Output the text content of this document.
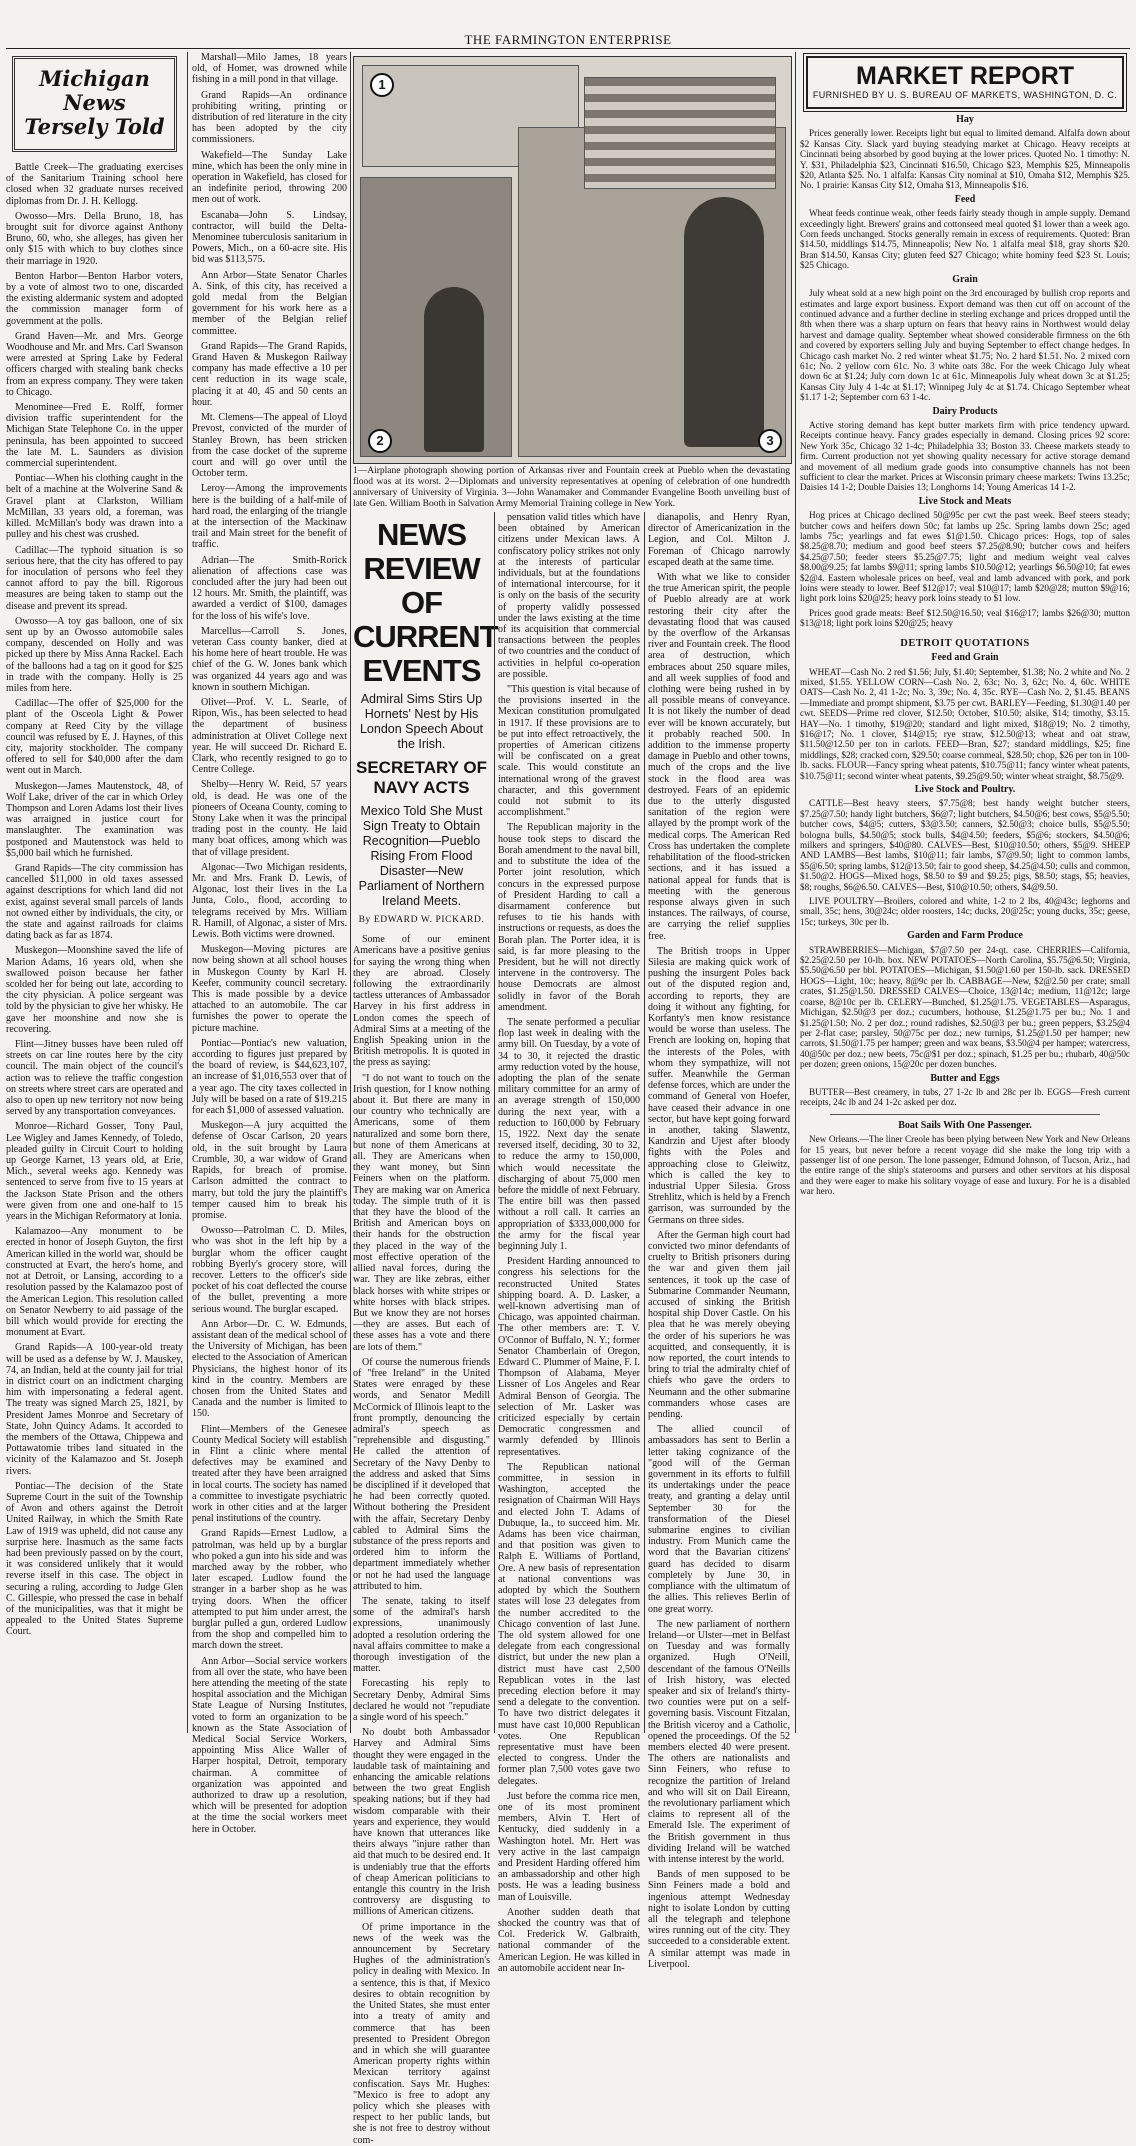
THE FARMINGTON ENTERPRISE
Michigan News
Tersely Told

Battle Creek—The graduating exercises of the Sanitarium Training school here closed when 32 graduate nurses received diplomas from Dr. J. H. Kellogg.

Owosso—Mrs. Della Bruno, 18, has brought suit for divorce against Anthony Bruno, 60, who, she alleges, has given her only $15 with which to buy clothes since their marriage in 1920.

Benton Harbor—Benton Harbor voters, by a vote of almost two to one, discarded the existing aldermanic system and adopted the commission manager form of government at the polls.

Grand Haven—Mr. and Mrs. George Woodhouse and Mr. and Mrs. Carl Swanson were arrested at Spring Lake by Federal officers charged with stealing bank checks from an express company. They were taken to Chicago.

Menominee—Fred E. Rolff, former division traffic superintendent for the Michigan State Telephone Co. in the upper peninsula, has been appointed to succeed the late M. L. Saunders as division commercial superintendent.

Pontiac—When his clothing caught in the belt of a machine at the Wolverine Sand & Gravel plant at Clarkston, William McMillan, 33 years old, a foreman, was killed. McMillan's body was drawn into a pulley and his chest was crushed.

Cadillac—The typhoid situation is so serious here, that the city has offered to pay for inoculation of persons who feel they cannot afford to pay the bill. Rigorous measures are being taken to stamp out the disease and prevent its spread.

Owosso—A toy gas balloon, one of six sent up by an Owosso automobile sales company, descended on Holly and was picked up there by Miss Anna Rackel. Each of the balloons had a tag on it good for $25 in trade with the company. Holly is 25 miles from here.

Cadillac—The offer of $25,000 for the plant of the Osceola Light & Power company at Reed City by the village council was refused by E. J. Haynes, of this city, majority stockholder. The company offered to sell for $40,000 after the dam went out in March.

Muskegon—James Mautenstock, 48, of Wolf Lake, driver of the car in which Orley Thompson and Loren Adams lost their lives was arraigned in justice court for manslaughter. The examination was postponed and Mautenstock was held to $5,000 bail which he furnished.

Grand Rapids—The city commission has cancelled $11,000 in old taxes assessed against descriptions for which land did not exist, against several small parcels of lands not owned either by individuals, the city, or the state and against railroads for claims dating back as far as 1874.

Muskegon—Moonshine saved the life of Marion Adams, 16 years old, when she swallowed poison because her father scolded her for being out late, according to the city physician. A police sergeant was told by the physician to give her whisky. He gave her moonshine and now she is recovering.

Flint—Jitney busses have been ruled off streets on car line routes here by the city council. The main object of the council's action was to relieve the traffic congestion on streets where street cars are operated and also to open up new territory not now being served by any transportation conveyances.

Monroe—Richard Gosser, Tony Paul, Lee Wigley and James Kennedy, of Toledo, pleaded guilty in Circuit Court to holding up George Karnet, 13 years old, at Erie, Mich., several weeks ago. Kennedy was sentenced to serve from five to 15 years at the Jackson State Prison and the others were given from one and one-half to 15 years in the Michigan Reformatory at Ionia.

Kalamazoo—Any monument to be erected in honor of Joseph Guyton, the first American killed in the world war, should be constructed at Evart, the hero's home, and not at Detroit, or Lansing, according to a resolution passed by the Kalamazoo post of the American Legion. This resolution called on Senator Newberry to aid passage of the bill which would provide for erecting the monument at Evart.

Grand Rapids—A 100-year-old treaty will be used as a defense by W. J. Mauskey, 74, an Indian, held at the county jail for trial in district court on an indictment charging him with impersonating a federal agent. The treaty was signed March 25, 1821, by President James Monroe and Secretary of State, John Quincy Adams. It accorded to the members of the Ottawa, Chippewa and Pottawatomie tribes land situated in the vicinity of the Kalamazoo and St. Joseph rivers.

Pontiac—The decision of the State Supreme Court in the suit of the Township of Avon and others against the Detroit United Railway, in which the Smith Rate Law of 1919 was upheld, did not cause any surprise here. Inasmuch as the same facts had been previously passed on by the court, it was considered unlikely that it would reverse itself in this case. The object in securing a ruling, according to Judge Glen C. Gillespie, who pressed the case in behalf of the municipalities, was that it might be appealed to the United States Supreme Court.

Marshall—Milo James, 18 years old, of Homer, was drowned while fishing in a mill pond in that village.

Grand Rapids—An ordinance prohibiting writing, printing or distribution of red literature in the city has been adopted by the city commissioners.

Wakefield—The Sunday Lake mine, which has been the only mine in operation in Wakefield, has closed for an indefinite period, throwing 200 men out of work.

Escanaba—John S. Lindsay, contractor, will build the Delta-Menominee tuberculosis sanitarium in Powers, Mich., on a 60-acre site. His bid was $113,575.

Ann Arbor—State Senator Charles A. Sink, of this city, has received a gold medal from the Belgian government for his work here as a member of the Belgian relief committee.

Grand Rapids—The Grand Rapids, Grand Haven & Muskegon Railway company has made effective a 10 per cent reduction in its wage scale, placing it at 40, 45 and 50 cents an hour.

Mt. Clemens—The appeal of Lloyd Prevost, convicted of the murder of Stanley Brown, has been stricken from the case docket of the supreme court and will go over until the October term.

Leroy—Among the improvements here is the building of a half-mile of hard road, the enlarging of the triangle at the intersection of the Mackinaw trail and Main street for the benefit of traffic.

Adrian—The Smith-Rorick alienation of affections case was concluded after the jury had been out 12 hours. Mr. Smith, the plaintiff, was awarded a verdict of $100, damages for the loss of his wife's love.

Marcellus—Carroll S. Jones, veteran Cass county banker, died at his home here of heart trouble. He was chief of the G. W. Jones bank which was organized 44 years ago and was known in southern Michigan.

Olivet—Prof. V. L. Searle, of Ripon, Wis., has been selected to head the department of business administration at Olivet College next year. He will succeed Dr. Richard E. Clark, who recently resigned to go to Centre College.

Shelby—Henry W. Reid, 57 years old, is dead. He was one of the pioneers of Oceana County, coming to Stony Lake when it was the principal trading post in the county. He laid many boat offices, among which was that of village president.

Algonac—Two Michigan residents, Mr. and Mrs. Frank D. Lewis, of Algonac, lost their lives in the La Junta, Colo., flood, according to telegrams received by Mrs. William R. Hamill, of Algonac, a sister of Mrs. Lewis. Both victims were drowned.

Muskegon—Moving pictures are now being shown at all school houses in Muskegon County by Karl H. Keefer, community council secretary. This is made possible by a device attached to an automobile. The car furnishes the power to operate the picture machine.

Pontiac—Pontiac's new valuation, according to figures just prepared by the board of review, is $44,623,107, an increase of $1,016,553 over that of a year ago. The city taxes collected in July will be based on a rate of $19.215 for each $1,000 of assessed valuation.

Muskegon—A jury acquitted the defense of Oscar Carlson, 20 years old, in the suit brought by Laura Crumble, 30, a war widow of Grand Rapids, for breach of promise. Carlson admitted the contract to marry, but told the jury the plaintiff's temper caused him to break his promise.

Owosso—Patrolman C. D. Miles, who was shot in the left hip by a burglar whom the officer caught robbing Byerly's grocery store, will recover. Letters to the officer's side pocket of his coat deflected the course of the bullet, preventing a more serious wound. The burglar escaped.

Ann Arbor—Dr. C. W. Edmunds, assistant dean of the medical school of the University of Michigan, has been elected to the Association of American Physicians, the highest honor of its kind in the country. Members are chosen from the United States and Canada and the number is limited to 150.

Flint—Members of the Genesee County Medical Society will establish in Flint a clinic where mental defectives may be examined and treated after they have been arraigned in local courts. The society has named a committee to investigate psychiatric work in other cities and at the larger penal institutions of the country.

Grand Rapids—Ernest Ludlow, a patrolman, was held up by a burglar who poked a gun into his side and was marched away by the robber, who later escaped. Ludlow found the stranger in a barber shop as he was trying doors. When the officer attempted to put him under arrest, the burglar pulled a gun, ordered Ludlow from the shop and compelled him to march down the street.

Ann Arbor—Social service workers from all over the state, who have been here attending the meeting of the state hospital association and the Michigan State League of Nursing Institutes, voted to form an organization to be known as the State Association of Medical Social Service Workers, appointing Miss Alice Waller of Harper hospital, Detroit, temporary chairman. A committee of organization was appointed and authorized to draw up a resolution, which will be presented for adoption at the time the social workers meet here in October.

1
2	3
1—Airplane photograph showing portion of Arkansas river and Fountain creek at Pueblo when the devastating flood was at its worst. 2—Diplomats and university representatives at opening of celebration of one hundredth anniversary of University of Virginia. 3—John Wanamaker and Commander Evangeline Booth unveiling bust of late Gen. William Booth in Salvation Army Memorial Training college in New York.
NEWS REVIEW OF CURRENT EVENTS
Admiral Sims Stirs Up Hornets' Nest by His London Speech About the Irish.
SECRETARY OF NAVY ACTS
Mexico Told She Must Sign Treaty to Obtain Recognition—Pueblo Rising From Flood Disaster—New Parliament of Northern Ireland Meets.
By EDWARD W. PICKARD.

Some of our eminent Americans have a positive genius for saying the wrong thing when they are abroad. Closely following the extraordinarily tactless utterances of Ambassador Harvey in his first address in London comes the speech of Admiral Sims at a meeting of the English Speaking union in the British metropolis. It is quoted in the press as saying:

"I do not want to touch on the Irish question, for I know nothing about it. But there are many in our country who technically are Americans, some of them naturalized and some born there, but none of them Americans at all. They are Americans when they want money, but Sinn Feiners when on the platform. They are making war on America today. The simple truth of it is that they have the blood of the British and American boys on their hands for the obstruction they placed in the way of the most effective operation of the allied naval forces, during the war. They are like zebras, either black horses with white stripes or white horses with black stripes. But we know they are not horses—they are asses. But each of these asses has a vote and there are lots of them."

Of course the numerous friends of "free Ireland" in the United States were enraged by these words, and Senator Medill McCormick of Illinois leapt to the front promptly, denouncing the admiral's speech as "reprehensible and disgusting." He called the attention of Secretary of the Navy Denby to the address and asked that Sims be disciplined if it developed that he had been correctly quoted. Without bothering the President with the affair, Secretary Denby cabled to Admiral Sims the substance of the press reports and ordered him to inform the department immediately whether or not he had used the language attributed to him.

The senate, taking to itself some of the admiral's harsh expressions, unanimously adopted a resolution ordering the naval affairs committee to make a thorough investigation of the matter.

Forecasting his reply to Secretary Denby, Admiral Sims declared he would not "repudiate a single word of his speech."

No doubt both Ambassador Harvey and Admiral Sims thought they were engaged in the laudable task of maintaining and enhancing the amicable relations between the two great English speaking nations; but if they had wisdom comparable with their years and experience, they would have known that utterances like theirs always "injure rather than aid that much to be desired end. It is undeniably true that the efforts of cheap American politicians to entangle this country in the Irish controversy are disgusting to millions of American citizens.

Of prime importance in the news of the week was the announcement by Secretary Hughes of the administration's policy in dealing with Mexico. In a sentence, this is that, if Mexico desires to obtain recognition by the United States, she must enter into a treaty of amity and commerce that has been presented to President Obregon and in which she will guarantee American property rights within Mexican territory against confiscation. Says Mr. Hughes: "Mexico is free to adopt any policy which she pleases with respect to her public lands, but she is not free to destroy without com-

pensation valid titles which have been obtained by American citizens under Mexican laws. A confiscatory policy strikes not only at the interests of particular individuals, but at the foundations of international intercourse, for it is only on the basis of the security of property validly possessed under the laws existing at the time of its acquisition that commercial transactions between the peoples of two countries and the conduct of activities in helpful co-operation are possible.

"This question is vital because of the provisions inserted in the Mexican constitution promulgated in 1917. If these provisions are to be put into effect retroactively, the properties of American citizens will be confiscated on a great scale. This would constitute an international wrong of the gravest character, and this government could not submit to its accomplishment."

The Republican majority in the house took steps to discard the Borah amendment to the naval bill, and to substitute the idea of the Porter joint resolution, which concurs in the expressed purpose of President Harding to call a disarmament conference but refuses to tie his hands with instructions or requests, as does the Borah plan. The Porter idea, it is said, is far more pleasing to the President, but he will not directly intervene in the controversy. The house Democrats are almost solidly in favor of the Borah amendment.

The senate performed a peculiar flop last week in dealing with the army bill. On Tuesday, by a vote of 34 to 30, it rejected the drastic army reduction voted by the house, adopting the plan of the senate military committee for an army of an average strength of 150,000 during the next year, with a reduction to 160,000 by February 15, 1922. Next day the senate reversed itself, deciding, 30 to 32, to reduce the army to 150,000, which would necessitate the discharging of about 75,000 men before the middle of next February. The entire bill was then passed without a roll call. It carries an appropriation of $333,000,000 for the army for the fiscal year beginning July 1.

President Harding announced to congress his selections for the reconstructed United States shipping board. A. D. Lasker, a well-known advertising man of Chicago, was appointed chairman. The other members are: T. V. O'Connor of Buffalo, N. Y.; former Senator Chamberlain of Oregon, Edward C. Plummer of Maine, F. I. Thompson of Alabama, Meyer Lissner of Los Angeles and Rear Admiral Benson of Georgia. The selection of Mr. Lasker was criticized especially by certain Democratic congressmen and warmly defended by Illinois representatives.

The Republican national committee, in session in Washington, accepted the resignation of Chairman Will Hays and elected John T. Adams of Dubuque, Ia., to succeed him. Mr. Adams has been vice chairman, and that position was given to Ralph E. Williams of Portland, Ore. A new basis of representation at national conventions was adopted by which the Southern states will lose 23 delegates from the number accredited to the Chicago convention of last June. The old system allowed for one delegate from each congressional district, but under the new plan a district must have cast 2,500 Republican votes in the last preceding election before it may send a delegate to the convention. To have two district delegates it must have cast 10,000 Republican votes. One Republican representative must have been elected to congress. Under the former plan 7,500 votes gave two delegates.

Just before the comma rice men, one of its most prominent members, Alvin T. Hert of Kentucky, died suddenly in a Washington hotel. Mr. Hert was very active in the last campaign and President Harding offered him an ambassadorship and other high posts. He was a leading business man of Louisville.

Another sudden death that shocked the country was that of Col. Frederick W. Galbraith, national commander of the American Legion. He was killed in an automobile accident near In-

dianapolis, and Henry Ryan, director of Americanization in the Legion, and Col. Milton J. Foreman of Chicago narrowly escaped death at the same time.

With what we like to consider the true American spirit, the people of Pueblo already are at work restoring their city after the devastating flood that was caused by the overflow of the Arkansas river and Fountain creek. The flood area of destruction, which embraces about 250 square miles, and all week supplies of food and clothing were being rushed in by all possible means of conveyance. It is not likely the number of dead ever will be known accurately, but it probably reached 500. In addition to the immense property damage in Pueblo and other towns, much of the crops and the live stock in the flood area was destroyed. Fears of an epidemic due to the utterly disgusted sanitation of the region were allayed by the prompt work of the medical corps. The American Red Cross has undertaken the complete rehabilitation of the flood-stricken sections, and it has issued a national appeal for funds that is meeting with the generous response always given in such instances. The railways, of course, are carrying the relief supplies free.

The British troops in Upper Silesia are making quick work of pushing the insurgent Poles back out of the disputed region and, according to reports, they are doing it without any fighting, for Korfanty's men know resistance would be worse than useless. The French are looking on, hoping that the interests of the Poles, with whom they sympathize, will not suffer. Meanwhile the German defense forces, which are under the command of General von Hoefer, have ceased their advance in one sector, but have kept going forward in another, taking Slawentz, Kandrzin and Ujest after bloody fights with the Poles and approaching close to Gleiwitz, which is called the key to industrial Upper Silesia. Gross Strehlitz, which is held by a French garrison, was surrounded by the Germans on three sides.

After the German high court had convicted two minor defendants of cruelty to British prisoners during the war and given them jail sentences, it took up the case of Submarine Commander Neumann, accused of sinking the British hospital ship Dover Castle. On his plea that he was merely obeying the order of his superiors he was acquitted, and consequently, it is now reported, the court intends to bring to trial the admiralty chief of chiefs who gave the orders to Neumann and the other submarine commanders whose cases are pending.

The allied council of ambassadors has sent to Berlin a letter taking cognizance of the "good will of the German government in its efforts to fulfill its undertakings under the peace treaty, and granting a delay until September 30 for the transformation of the Diesel submarine engines to civilian industry. From Munich came the word that the Bavarian citizens' guard has decided to disarm completely by June 30, in compliance with the ultimatum of the allies. This relieves Berlin of one great worry.

The new parliament of northern Ireland—or Ulster—met in Belfast on Tuesday and was formally organized. Hugh O'Neill, descendant of the famous O'Neills of Irish history, was elected speaker and six of Ireland's thirty-two counties were put on a self-governing basis. Viscount Fitzalan, the British viceroy and a Catholic, opened the proceedings. Of the 52 members elected 40 were present. The others are nationalists and Sinn Feiners, who refuse to recognize the partition of Ireland and who will sit on Dail Eireann, the revolutionary parliament which claims to represent all of the Emerald Isle. The experiment of the British government in thus dividing Ireland will be watched with intense interest by the world.

Bands of men supposed to be Sinn Feiners made a bold and ingenious attempt Wednesday night to isolate London by cutting all the telegraph and telephone wires running out of the city. They succeeded to a considerable extent. A similar attempt was made in Liverpool.

MARKET REPORT
FURNISHED BY U. S. BUREAU OF MARKETS, WASHINGTON, D. C.
Hay

Prices generally lower. Receipts light but equal to limited demand. Alfalfa down about $2 Kansas City. Slack yard buying steadying market at Chicago. Heavy receipts at Cincinnati being absorbed by good buying at the lower prices. Quoted No. 1 timothy: N. Y. $31, Philadelphia $23, Cincinnati $16.50, Chicago $23, Memphis $25, Minneapolis $20, Atlanta $25. No. 1 alfalfa: Kansas City nominal at $10, Omaha $12, Memphis $25. No. 1 prairie: Kansas City $12, Omaha $13, Minneapolis $16.

Feed

Wheat feeds continue weak, other feeds fairly steady though in ample supply. Demand exceedingly light. Brewers' grains and cottonseed meal quoted $1 lower than a week ago. Corn feeds unchanged. Stocks generally remain in excess of requirements. Quoted: Bran $14.50, middlings $14.75, Minneapolis; New No. 1 alfalfa meal $18, gray shorts $20. Bran $14.50, Kansas City; gluten feed $27 Chicago; white hominy feed $23 St. Louis; $25 Chicago.

Grain

July wheat sold at a new high point on the 3rd encouraged by bullish crop reports and estimates and large export business. Export demand was then cut off on account of the continued advance and a further decline in sterling exchange and prices dropped until the 8th when there was a sharp upturn on fears that heavy rains in Northwest would delay harvest and damage quality. September wheat showed considerable firmness on the 6th and covered by exporters selling July and buying September to effect change hedges. In Chicago cash market No. 2 red winter wheat $1.75; No. 2 hard $1.51. No. 2 mixed corn 61c; No. 2 yellow corn 61c. No. 3 white oats 38c. For the week Chicago July wheat down 6c at $1.24; July corn down 1c at 61c. Minneapolis July wheat down 3c at $1.25; Kansas City July 4 1-4c at $1.17; Winnipeg July 4c at $1.74. Chicago September wheat $1.17 1-2; September corn 63 1-4c.

Dairy Products

Active storing demand has kept butter markets firm with price tendency upward. Receipts continue heavy. Fancy grades especially in demand. Closing prices 92 score: New York 35c, Chicago 32 1-4c; Philadelphia 33; Boston 33. Cheese markets steady to firm. Current production not yet showing quality necessary for active storage demand and movement of all medium grade goods into consumptive channels has not been sufficient to clear the market. Prices at Wisconsin primary cheese markets: Twins 13.25c; Daisies 14 1-2; Double Daisies 13; Longhorns 14; Young Americas 14 1-2.

Live Stock and Meats

Hog prices at Chicago declined 50@95c per cwt the past week. Beef steers steady; butcher cows and heifers down 50c; fat lambs up 25c. Spring lambs down 25c; aged lambs 75c; yearlings and fat ewes $1@1.50. Chicago prices: Hogs, top of sales $8.25@8.70; medium and good beef steers $7.25@8.90; butcher cows and heifers $4.25@7.50; feeder steers $5.25@7.75; light and medium weight veal calves $8.00@9.25; fat lambs $9@11; spring lambs $10.50@12; yearlings $6.50@10; fat ewes $2@4. Eastern wholesale prices on beef, veal and lamb advanced with pork, and pork loins were steady to lower. Beef $12@17; veal $10@17; lamb $20@28; mutton $9@16; light pork loins $20@25; heavy pork loins steady to $1 low.

Prices good grade meats: Beef $12.50@16.50; veal $16@17; lambs $26@30; mutton $13@18; light pork loins $20@25; heavy

DETROIT QUOTATIONS
Feed and Grain

WHEAT—Cash No. 2 red $1.56; July, $1.40; September, $1.38; No. 2 white and No. 2 mixed, $1.55. YELLOW CORN—Cash No. 2, 63c; No. 3, 62c; No. 4, 60c. WHITE OATS—Cash No. 2, 41 1-2c; No. 3, 39c; No. 4, 35c. RYE—Cash No. 2, $1.45. BEANS—Immediate and prompt shipment, $3.75 per cwt. BARLEY—Feeding, $1.30@1.40 per cwt. SEEDS—Prime red clover, $12.50; October, $10.50; alsike, $14; timothy, $3.15. HAY—No. 1 timothy, $19@20; standard and light mixed, $18@19; No. 2 timothy, $16@17; No. 1 clover, $14@15; rye straw, $12.50@13; wheat and oat straw, $11.50@12.50 per ton in carlots. FEED—Bran, $27; standard middlings, $25; fine middlings, $28; cracked corn, $29.50; coarse cornmeal, $28.50; chop, $26 per ton in 100-lb. sacks. FLOUR—Fancy spring wheat patents, $10.75@11; fancy winter wheat patents, $10.75@11; second winter wheat patents, $9.25@9.50; winter wheat straight, $8.75@9.

Live Stock and Poultry.

CATTLE—Best heavy steers, $7.75@8; best handy weight butcher steers, $7.25@7.50; handy light butchers, $6@7; light butchers, $4.50@6; best cows, $5@5.50; butcher cows, $4@5; cutters, $3@3.50; canners, $2.50@3; choice bulls, $5@5.50; bologna bulls, $4.50@5; stock bulls, $4@4.50; feeders, $5@6; stockers, $4.50@6; milkers and springers, $40@80. CALVES—Best, $10@10.50; others, $5@9. SHEEP AND LAMBS—Best lambs, $10@11; fair lambs, $7@9.50; light to common lambs, $5@6.50; spring lambs, $12@13.50; fair to good sheep, $4.25@4.50; culls and common, $1.50@2. HOGS—Mixed hogs, $8.50 to $9 and $9.25; pigs, $8.50; stags, $5; heavies, $8; roughs, $6@6.50. CALVES—Best, $10@10.50; others, $4@9.50.

LIVE POULTRY—Broilers, colored and white, 1-2 to 2 lbs, 40@43c; leghorns and small, 35c; hens, 30@24c; older roosters, 14c; ducks, 20@25c; young ducks, 35c; geese, 15c; turkeys, 30c per lb.

Garden and Farm Produce

STRAWBERRIES—Michigan, $7@7.50 per 24-qt. case. CHERRIES—California, $2.25@2.50 per 10-lb. box. NEW POTATOES—North Carolina, $5.75@6.50; Virginia, $5.50@6.50 per bbl. POTATOES—Michigan, $1.50@1.60 per 150-lb. sack. DRESSED HOGS—Light, 10c; heavy, 8@9c per lb. CABBAGE—New, $2@2.50 per crate; small crates, $1.25@1.50. DRESSED CALVES—Choice, 13@14c; medium, 11@12c; large coarse, 8@10c per lb. CELERY—Bunched, $1.25@1.75. VEGETABLES—Asparagus, Michigan, $2.50@3 per doz.; cucumbers, hothouse, $1.25@1.75 per bu.; No. 1 and $1.25@1.50; No. 2 per doz.; round radishes, $2.50@3 per bu.; green peppers, $3.25@4 per 2-flat case; parsley, 50@75c per doz.; new turnips, $1.25@1.50 per hamper; new carrots, $1.50@1.75 per hamper; green and wax beans, $3.50@4 per hamper; watercress, 40@50c per doz.; new beets, 75c@$1 per doz.; spinach, $1.25 per bu.; rhubarb, 40@50c per dozen; green onions, 15@20c per dozen bunches.

Butter and Eggs

BUTTER—Best creamery, in tubs, 27 1-2c lb and 28c per lb. EGGS—Fresh current receipts, 24c lb and 24 1-2c asked per doz.

Boat Sails With One Passenger.

New Orleans.—The liner Creole has been plying between New York and New Orleans for 15 years, but never before a recent voyage did she make the long trip with a passenger list of one person. The lone passenger, Edmund Johnson, of Tucson, Ariz., had the entire range of the ship's staterooms and pursers and other servitors at his disposal and they were eager to make his solitary voyage of ease and luxury. For he is a disabled war hero.
